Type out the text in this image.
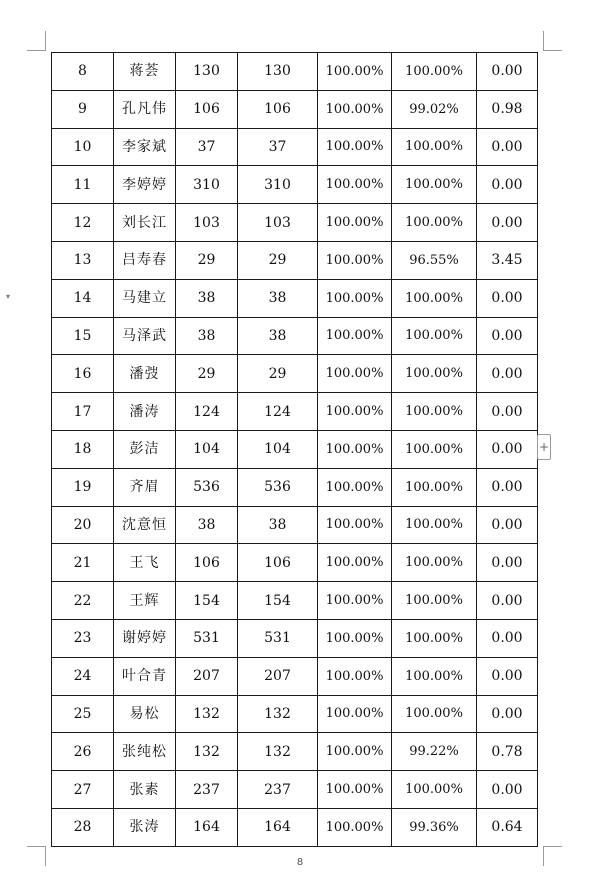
▾
8	蒋荟	130	130	100.00%	100.00%	0.00
9	孔凡伟	106	106	100.00%	99.02%	0.98
10	李家斌	37	37	100.00%	100.00%	0.00
11	李婷婷	310	310	100.00%	100.00%	0.00
12	刘长江	103	103	100.00%	100.00%	0.00
13	吕寿春	29	29	100.00%	96.55%	3.45
14	马建立	38	38	100.00%	100.00%	0.00
15	马泽武	38	38	100.00%	100.00%	0.00
16	潘弢	29	29	100.00%	100.00%	0.00
17	潘涛	124	124	100.00%	100.00%	0.00
18	彭洁	104	104	100.00%	100.00%	0.00
19	齐眉	536	536	100.00%	100.00%	0.00
20	沈意恒	38	38	100.00%	100.00%	0.00
21	王飞	106	106	100.00%	100.00%	0.00
22	王辉	154	154	100.00%	100.00%	0.00
23	谢婷婷	531	531	100.00%	100.00%	0.00
24	叶合青	207	207	100.00%	100.00%	0.00
25	易松	132	132	100.00%	100.00%	0.00
26	张纯松	132	132	100.00%	99.22%	0.78
27	张素	237	237	100.00%	100.00%	0.00
28	张涛	164	164	100.00%	99.36%	0.64
+
8
